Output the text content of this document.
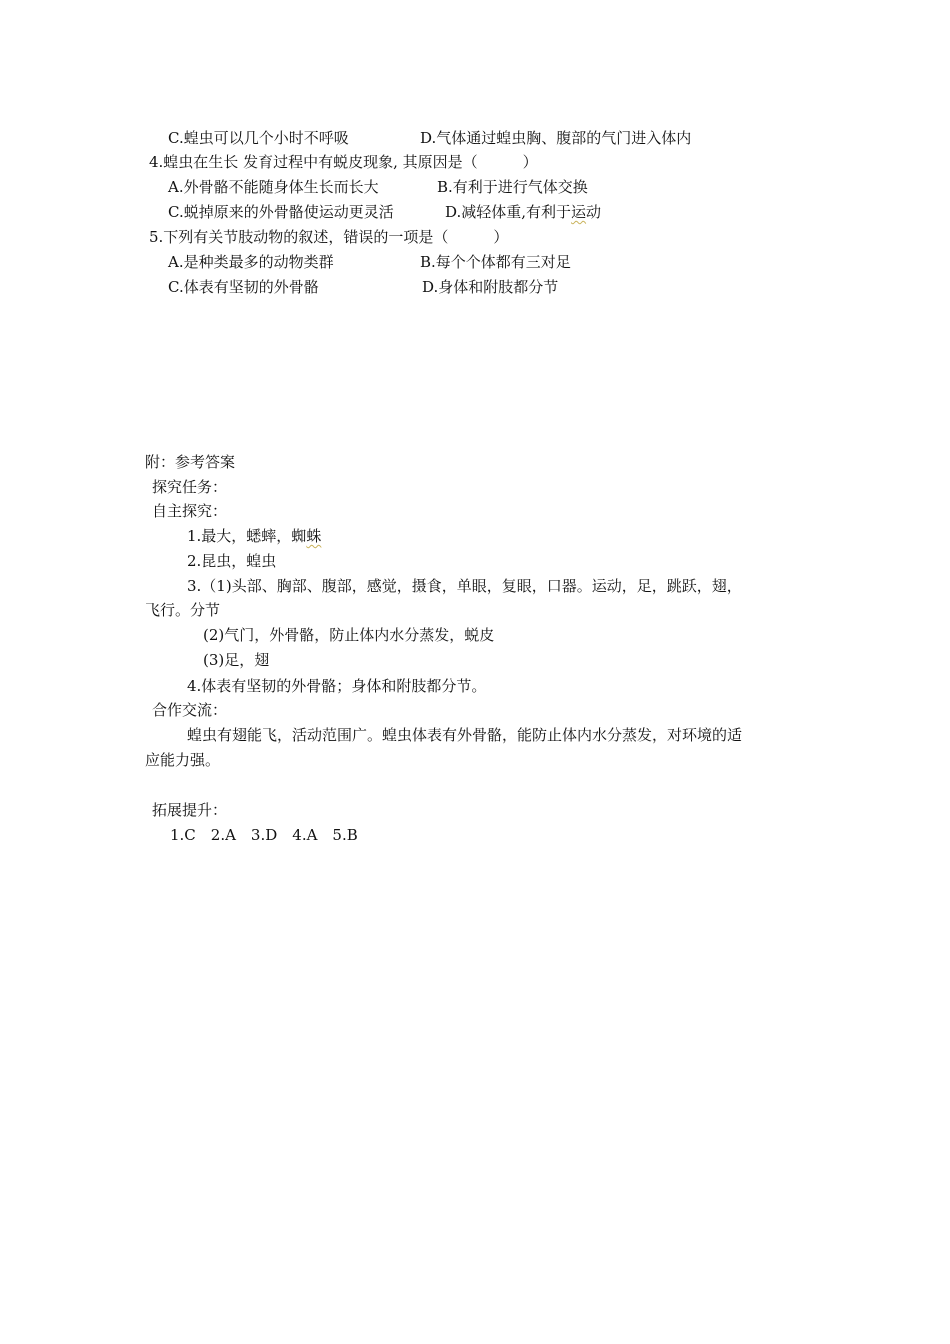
C.蝗虫可以几个小时不呼吸	D.气体通过蝗虫胸、腹部的气门进入体内
4.蝗虫在生长 发育过程中有蜕皮现象, 其原因是（　　　）
A.外骨骼不能随身体生长而长大	B.有利于进行气体交换
C.蜕掉原来的外骨骼使运动更灵活	D.减轻体重,有利于运动
5.下列有关节肢动物的叙述，错误的一项是（　　　）
A.是种类最多的动物类群	B.每个个体都有三对足
C.体表有坚韧的外骨骼	D.身体和附肢都分节
附：参考答案
探究任务：
自主探究：
1.最大，蟋蟀，蜘蛛
2.昆虫，蝗虫
3.（1)头部、胸部、腹部，感觉，摄食，单眼，复眼，口器。运动，足，跳跃，翅，
飞行。分节
(2)气门，外骨骼，防止体内水分蒸发，蜕皮
(3)足，翅
4.体表有坚韧的外骨骼；身体和附肢都分节。
合作交流：
蝗虫有翅能飞，活动范围广。蝗虫体表有外骨骼，能防止体内水分蒸发，对环境的适
应能力强。
拓展提升：
1.C　2.A　3.D　4.A　5.B
